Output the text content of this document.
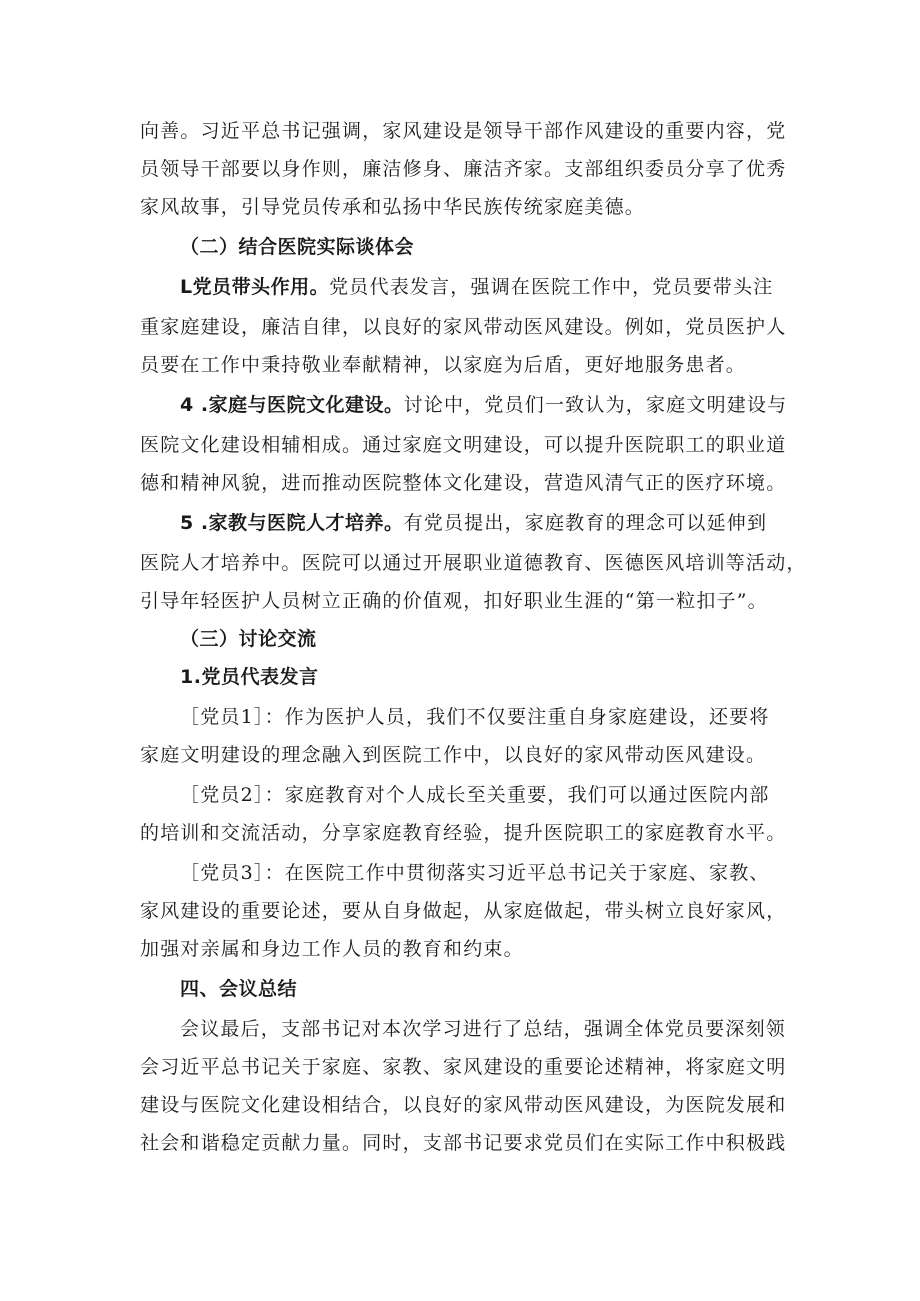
向善。习近平总书记强调，家风建设是领导干部作风建设的重要内容，党
员领导干部要以身作则，廉洁修身、廉洁齐家。支部组织委员分享了优秀
家风故事，引导党员传承和弘扬中华民族传统家庭美德。
（二）结合医院实际谈体会
L党员带头作用。党员代表发言，强调在医院工作中，党员要带头注
重家庭建设，廉洁自律，以良好的家风带动医风建设。例如，党员医护人
员要在工作中秉持敬业奉献精神，以家庭为后盾，更好地服务患者。
4 .家庭与医院文化建设。讨论中，党员们一致认为，家庭文明建设与
医院文化建设相辅相成。通过家庭文明建设，可以提升医院职工的职业道
德和精神风貌，进而推动医院整体文化建设，营造风清气正的医疗环境。
5 .家教与医院人才培养。有党员提出，家庭教育的理念可以延伸到
医院人才培养中。医院可以通过开展职业道德教育、医德医风培训等活动，
引导年轻医护人员树立正确的价值观，扣好职业生涯的“第一粒扣子”。
（三）讨论交流
1.党员代表发言
［党员1］：作为医护人员，我们不仅要注重自身家庭建设，还要将
家庭文明建设的理念融入到医院工作中，以良好的家风带动医风建设。
［党员2］：家庭教育对个人成长至关重要，我们可以通过医院内部
的培训和交流活动，分享家庭教育经验，提升医院职工的家庭教育水平。
［党员3］：在医院工作中贯彻落实习近平总书记关于家庭、家教、
家风建设的重要论述，要从自身做起，从家庭做起，带头树立良好家风，
加强对亲属和身边工作人员的教育和约束。
四、会议总结
会议最后，支部书记对本次学习进行了总结，强调全体党员要深刻领
会习近平总书记关于家庭、家教、家风建设的重要论述精神，将家庭文明
建设与医院文化建设相结合，以良好的家风带动医风建设，为医院发展和
社会和谐稳定贡献力量。同时，支部书记要求党员们在实际工作中积极践
